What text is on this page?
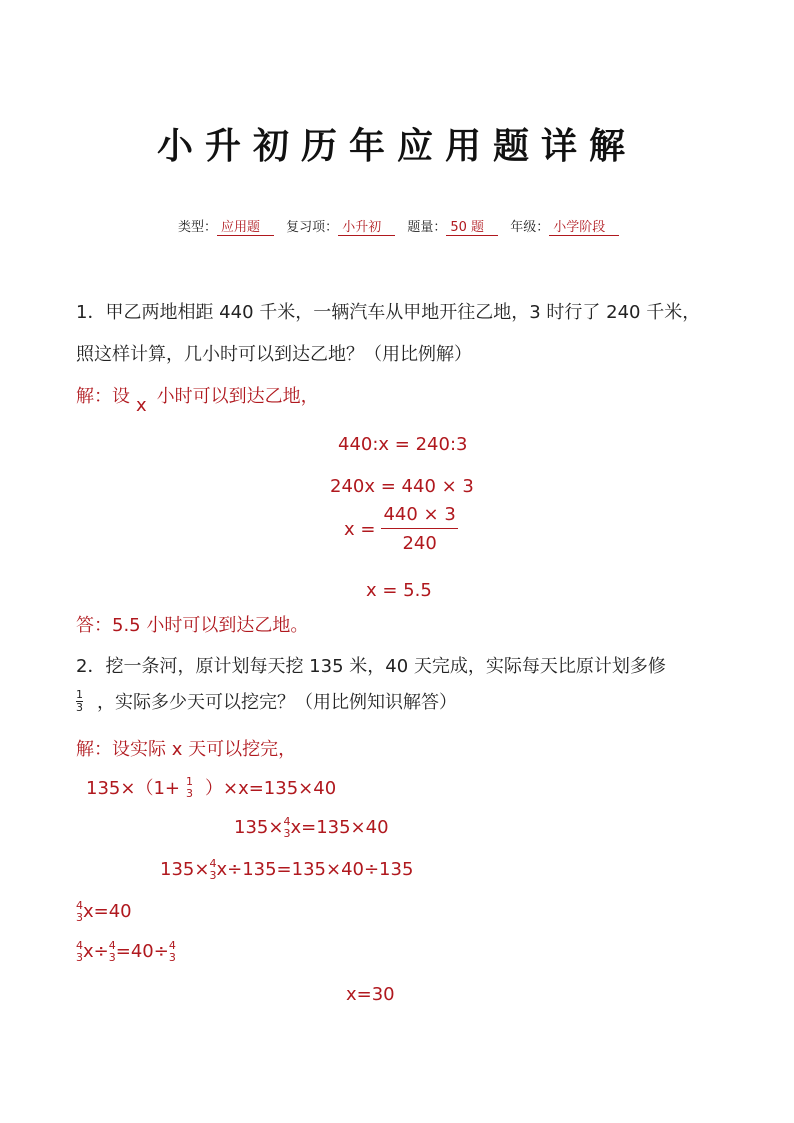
小升初历年应用题详解
类型： 应用题 复习项： 小升初 题量： 50 题 年级： 小学阶段
1．甲乙两地相距 440 千米，一辆汽车从甲地开往乙地，3 时行了 240 千米，
照这样计算，几小时可以到达乙地？（用比例解）
解：设 x 小时可以到达乙地，
440:x = 240:3
240x = 440 × 3
$x = \frac{440 \times 3}{240}$
x = 5.5
答：5.5 小时可以到达乙地。
2．挖一条河，原计划每天挖 135 米，40 天完成，实际每天比原计划多修
$\frac{1}{3}$ ，实际多少天可以挖完？（用比例知识解答）
解：设实际 x 天可以挖完，
135×（1+ 1
3 ）×x=135×40
135× 4
3 x=135×40
135× 4
3 x÷135=135×40÷135
4
3 x=40
4
3 x÷ 4
3 =40÷ 4
3
x=30
